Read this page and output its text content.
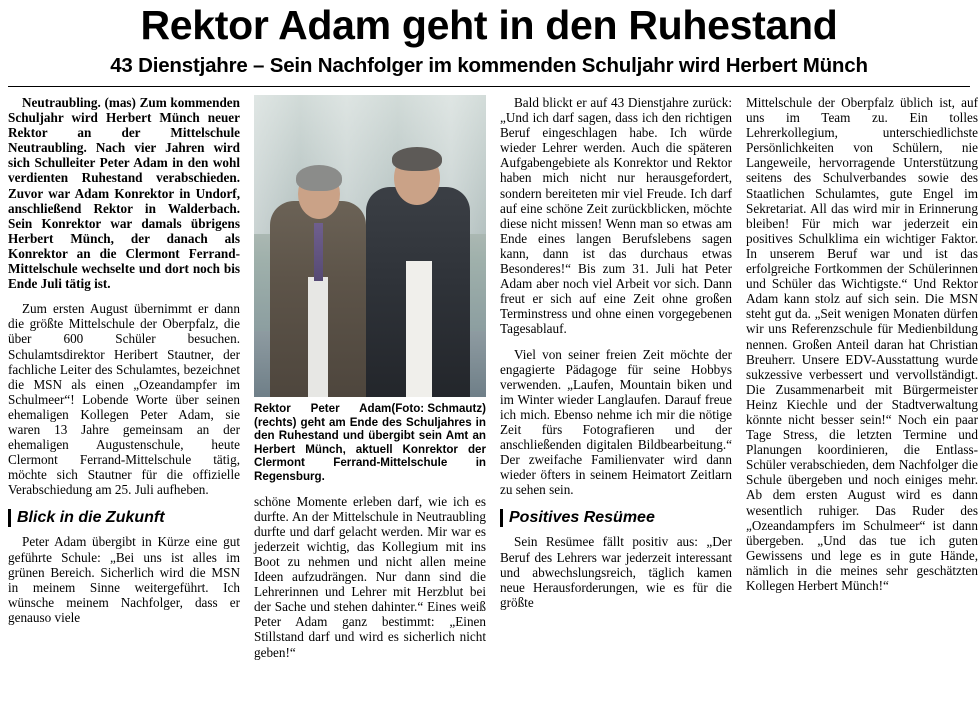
Rektor Adam geht in den Ruhestand
43 Dienstjahre – Sein Nachfolger im kommenden Schuljahr wird Herbert Münch

Neutraubling. (mas) Zum kommenden Schuljahr wird Herbert Münch neuer Rektor an der Mittelschule Neutraubling. Nach vier Jahren wird sich Schulleiter Peter Adam in den wohl verdienten Ruhestand verabschieden. Zuvor war Adam Konrektor in Undorf, anschließend Rektor in Walderbach. Sein Konrektor war damals übrigens Herbert Münch, der danach als Konrektor an die Clermont Ferrand-Mittelschule wechselte und dort noch bis Ende Juli tätig ist.

Zum ersten August übernimmt er dann die größte Mittelschule der Oberpfalz, die über 600 Schüler besuchen. Schulamtsdirektor Heribert Stautner, der fachliche Leiter des Schulamtes, bezeichnet die MSN als einen „Ozeandampfer im Schulmeer“! Lobende Worte über seinen ehemaligen Kollegen Peter Adam, sie waren 13 Jahre gemeinsam an der ehemaligen Augustenschule, heute Clermont Ferrand-Mittelschule tätig, möchte sich Stautner für die offizielle Verabschiedung am 25. Juli aufheben.

Blick in die Zukunft

Peter Adam übergibt in Kürze eine gut geführte Schule: „Bei uns ist alles im grünen Bereich. Sicherlich wird die MSN in meinem Sinne weitergeführt. Ich wünsche meinem Nachfolger, dass er genauso viele

(Foto: Schmautz)
Rektor Peter Adam (rechts) geht am Ende des Schuljahres in den Ruhestand und übergibt sein Amt an Herbert Münch, aktuell Konrektor der Clermont Ferrand-Mittelschule in Regensburg.

schöne Momente erleben darf, wie ich es durfte. An der Mittelschule in Neutraubling durfte und darf gelacht werden. Mir war es jederzeit wichtig, das Kollegium mit ins Boot zu nehmen und nicht allen meine Ideen aufzudrängen. Nur dann sind die Lehrerinnen und Lehrer mit Herzblut bei der Sache und stehen dahinter.“ Eines weiß Peter Adam ganz bestimmt: „Einen Stillstand darf und wird es sicherlich nicht geben!“

Bald blickt er auf 43 Dienstjahre zurück: „Und ich darf sagen, dass ich den richtigen Beruf eingeschlagen habe. Ich würde wieder Lehrer werden. Auch die späteren Aufgabengebiete als Konrektor und Rektor haben mich nicht nur herausgefordert, sondern bereiteten mir viel Freude. Ich darf auf eine schöne Zeit zurückblicken, möchte diese nicht missen! Wenn man so etwas am Ende eines langen Berufslebens sagen kann, dann ist das durchaus etwas Besonderes!“ Bis zum 31. Juli hat Peter Adam aber noch viel Arbeit vor sich. Dann freut er sich auf eine Zeit ohne großen Terminstress und ohne einen vorgegebenen Tagesablauf.

Viel von seiner freien Zeit möchte der engagierte Pädagoge für seine Hobbys verwenden. „Laufen, Mountain biken und im Winter wieder Langlaufen. Darauf freue ich mich. Ebenso nehme ich mir die nötige Zeit fürs Fotografieren und der anschließenden digitalen Bildbearbeitung.“ Der zweifache Familienvater wird dann wieder öfters in seinem Heimatort Zeitlarn zu sehen sein.

Positives Resümee

Sein Resümee fällt positiv aus: „Der Beruf des Lehrers war jederzeit interessant und abwechslungsreich, täglich kamen neue Herausforderungen, wie es für die größte

Mittelschule der Oberpfalz üblich ist, auf uns im Team zu. Ein tolles Lehrerkollegium, unterschiedlichste Persönlichkeiten von Schülern, nie Langeweile, hervorragende Unterstützung seitens des Schulverbandes sowie des Staatlichen Schulamtes, gute Engel im Sekretariat. All das wird mir in Erinnerung bleiben! Für mich war jederzeit ein positives Schulklima ein wichtiger Faktor. In unserem Beruf war und ist das erfolgreiche Fortkommen der Schülerinnen und Schüler das Wichtigste.“ Und Rektor Adam kann stolz auf sich sein. Die MSN steht gut da. „Seit wenigen Monaten dürfen wir uns Referenzschule für Medienbildung nennen. Großen Anteil daran hat Christian Breuherr. Unsere EDV-Ausstattung wurde sukzessive verbessert und vervollständigt. Die Zusammenarbeit mit Bürgermeister Heinz Kiechle und der Stadtverwaltung könnte nicht besser sein!“ Noch ein paar Tage Stress, die letzten Termine und Planungen koordinieren, die Entlass-Schüler verabschieden, dem Nachfolger die Schule übergeben und noch einiges mehr. Ab dem ersten August wird es dann wesentlich ruhiger. Das Ruder des „Ozeandampfers im Schulmeer“ ist dann übergeben. „Und das tue ich guten Gewissens und lege es in gute Hände, nämlich in die meines sehr geschätzten Kollegen Herbert Münch!“
